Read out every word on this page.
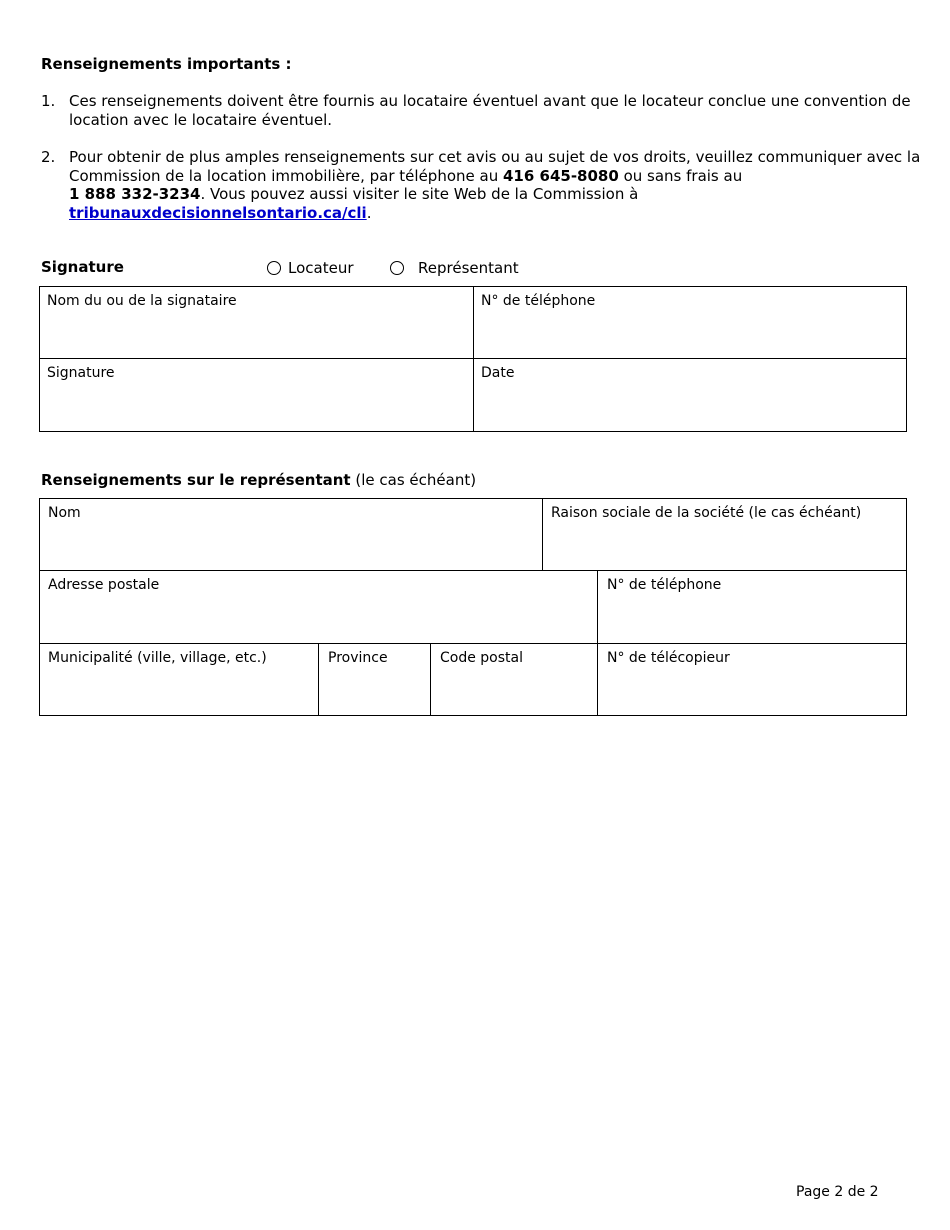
Renseignements importants :
1. Ces renseignements doivent être fournis au locataire éventuel avant que le locateur conclue une convention de location avec le locataire éventuel.
2. Pour obtenir de plus amples renseignements sur cet avis ou au sujet de vos droits, veuillez communiquer avec la Commission de la location immobilière, par téléphone au 416 645-8080 ou sans frais au
1 888 332-3234. Vous pouvez aussi visiter le site Web de la Commission à
tribunauxdecisionnelsontario.ca/cli.
Signature	Locateur	Représentant
Nom du ou de la signataire	N° de téléphone
Signature	Date
Renseignements sur le représentant (le cas échéant)
Nom	Raison sociale de la société (le cas échéant)
Adresse postale	N° de téléphone
Municipalité (ville, village, etc.)	Province	Code postal	N° de télécopieur
Page 2 de 2
